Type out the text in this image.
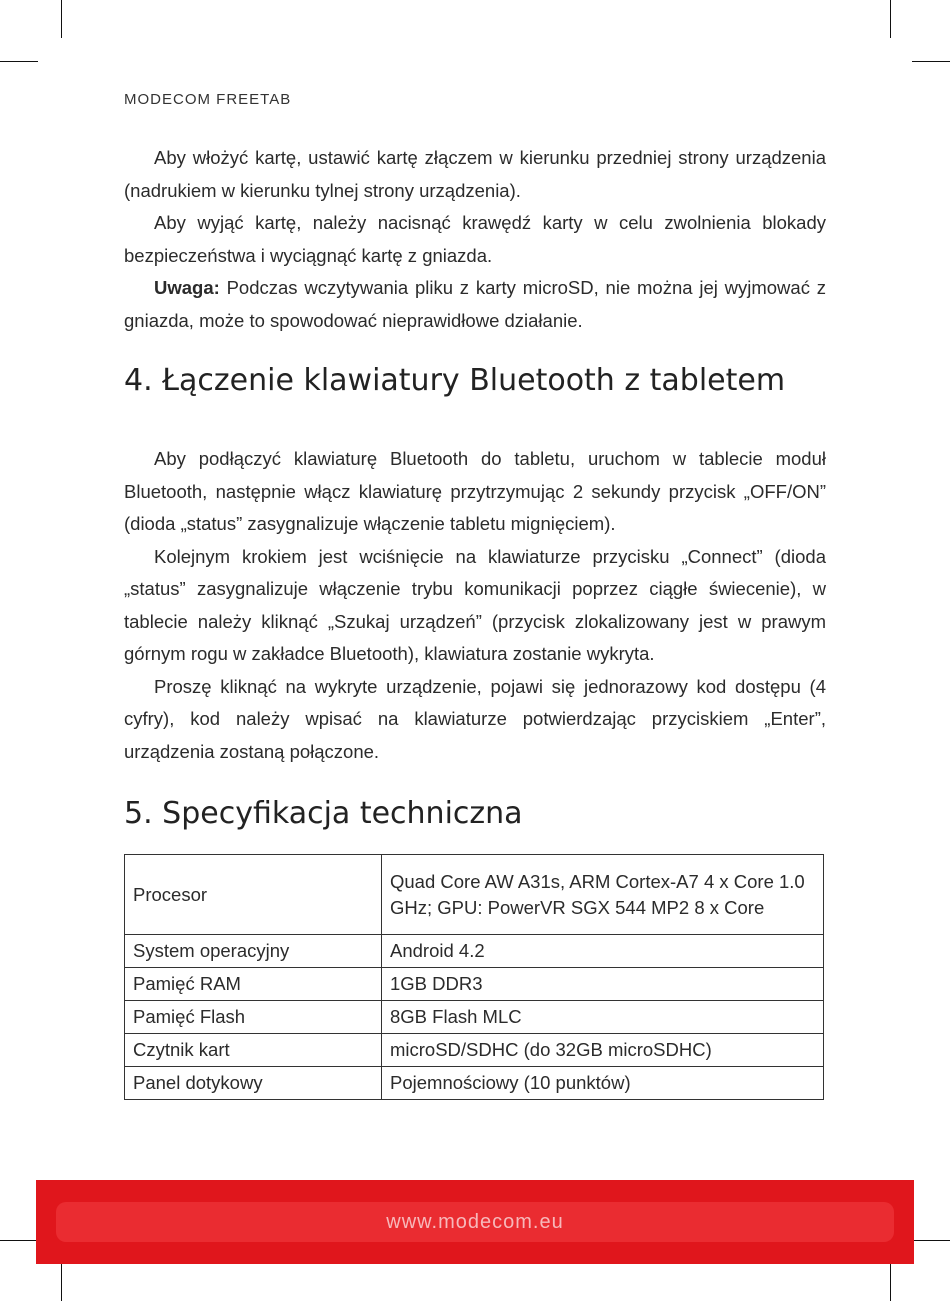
MODECOM FREETAB

Aby włożyć kartę, ustawić kartę złączem w kierunku przedniej strony urządzenia (nadrukiem w kierunku tylnej strony urządzenia).

Aby wyjąć kartę, należy nacisnąć krawędź karty w celu zwolnienia blokady bezpieczeństwa i wyciągnąć kartę z gniazda.

Uwaga: Podczas wczytywania pliku z karty microSD, nie można jej wyjmować z gniazda, może to spowodować nieprawidłowe działanie.

4. Łączenie klawiatury Bluetooth z tabletem

Aby podłączyć klawiaturę Bluetooth do tabletu, uruchom w tablecie moduł Bluetooth, następnie włącz klawiaturę przytrzymując 2 sekundy przycisk „OFF/ON” (dioda „status” zasygnalizuje włączenie tabletu mignięciem).

Kolejnym krokiem jest wciśnięcie na klawiaturze przycisku „Connect” (dioda „status” zasygnalizuje włączenie trybu komunikacji poprzez ciągłe świecenie), w tablecie należy kliknąć „Szukaj urządzeń” (przycisk zlokalizowany jest w prawym górnym rogu w zakładce Bluetooth), klawiatura zostanie wykryta.

Proszę kliknąć na wykryte urządzenie, pojawi się jednorazowy kod dostępu (4 cyfry), kod należy wpisać na klawiaturze potwierdzając przyciskiem „Enter”, urządzenia zostaną połączone.

5. Specyfikacja techniczna
Procesor	Quad Core AW A31s, ARM Cortex-A7 4 x Core 1.0 GHz; GPU: PowerVR SGX 544 MP2 8 x Core
System operacyjny	Android 4.2
Pamięć RAM	1GB DDR3
Pamięć Flash	8GB Flash MLC
Czytnik kart	microSD/SDHC (do 32GB microSDHC)
Panel dotykowy	Pojemnościowy (10 punktów)
www.modecom.eu
